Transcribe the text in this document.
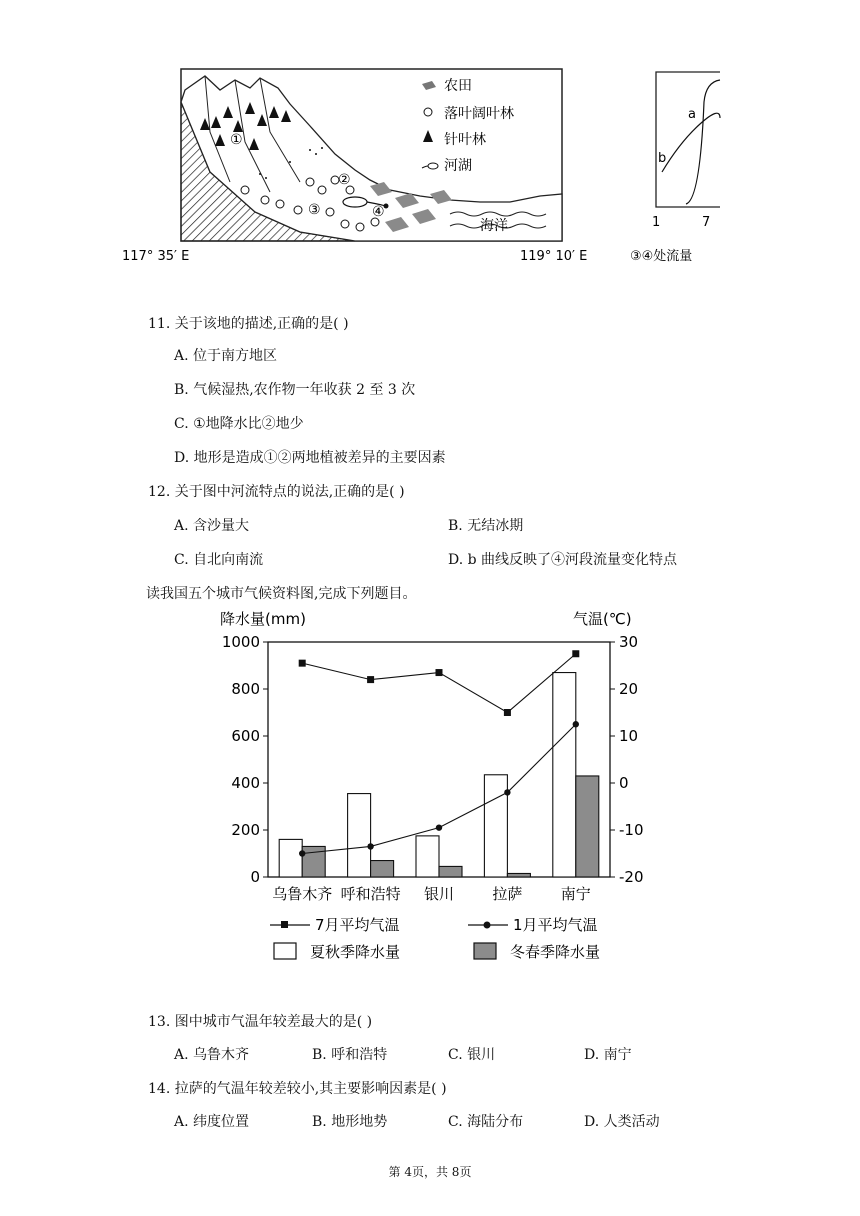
农田
落叶阔叶林
针叶林
河湖
①
②
③	④
海洋
117° 35′ E	119° 10′ E
a
b
1	7
③④处流量
11. 关于该地的描述,正确的是( )
A. 位于南方地区
B. 气候湿热,农作物一年收获 2 至 3 次
C. ①地降水比②地少
D. 地形是造成①②两地植被差异的主要因素
12. 关于图中河流特点的说法,正确的是( )
A. 含沙量大	B. 无结冰期
C. 自北向南流	D. b 曲线反映了④河段流量变化特点
读我国五个城市气候资料图,完成下列题目。
降水量(mm)	气温(℃)
1000
800
600
400
200
0
30
20
10
0
-10
-20
乌鲁木齐 呼和浩特 银川	拉萨	南宁
7月平均气温	1月平均气温
夏秋季降水量	冬春季降水量
13. 图中城市气温年较差最大的是( )
A. 乌鲁木齐	B. 呼和浩特	C. 银川	D. 南宁
14. 拉萨的气温年较差较小,其主要影响因素是( )
A. 纬度位置	B. 地形地势	C. 海陆分布	D. 人类活动
第 4页，共 8页
